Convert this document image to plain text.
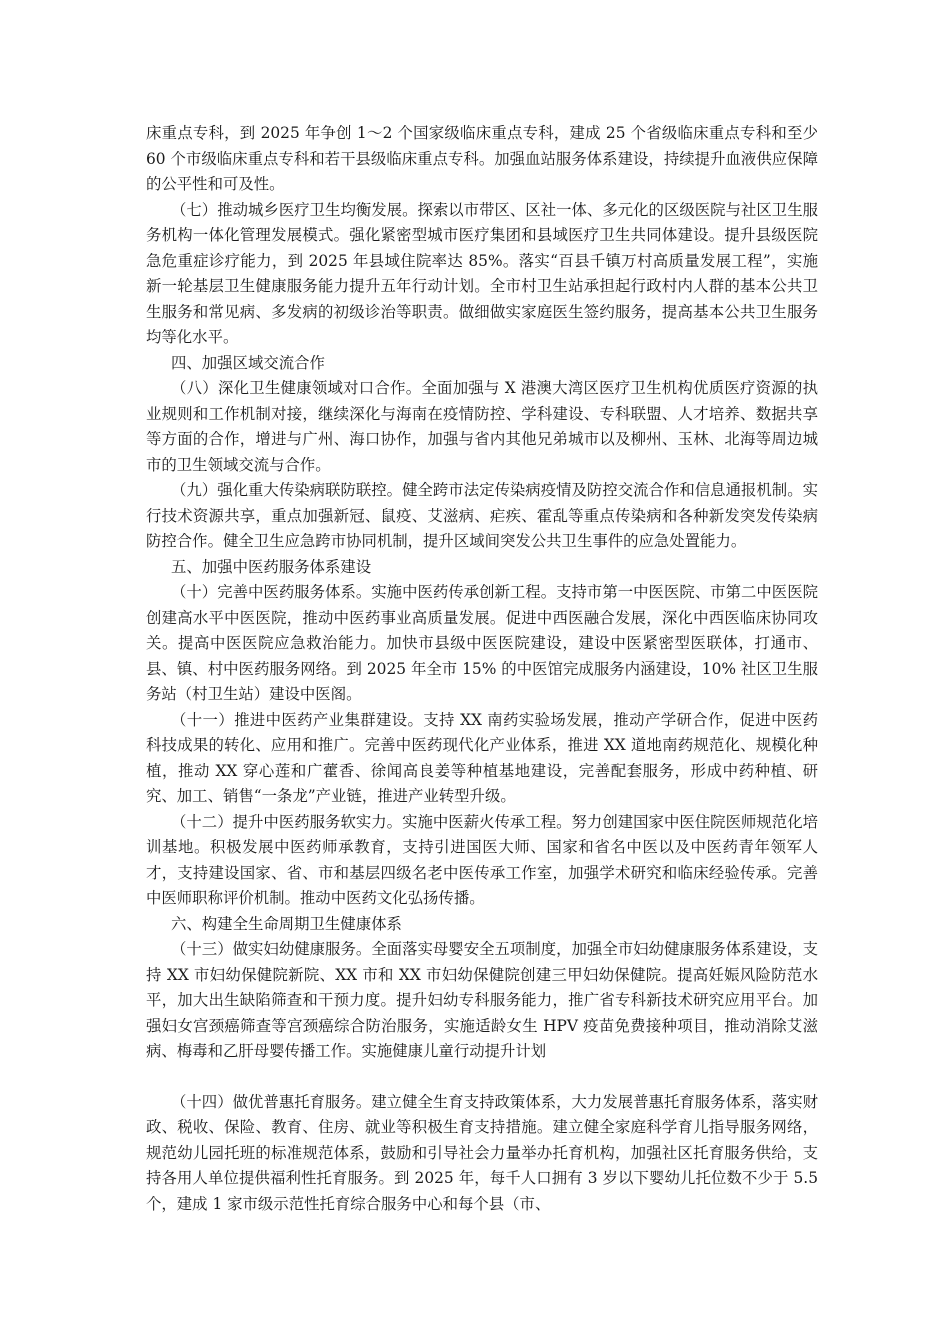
床重点专科，到 2025 年争创 1～2 个国家级临床重点专科，建成 25 个省级临床重点专科和至少 60 个市级临床重点专科和若干县级临床重点专科。加强血站服务体系建设，持续提升血液供应保障的公平性和可及性。

（七）推动城乡医疗卫生均衡发展。探索以市带区、区社一体、多元化的区级医院与社区卫生服务机构一体化管理发展模式。强化紧密型城市医疗集团和县域医疗卫生共同体建设。提升县级医院急危重症诊疗能力，到 2025 年县域住院率达 85%。落实“百县千镇万村高质量发展工程”，实施新一轮基层卫生健康服务能力提升五年行动计划。全市村卫生站承担起行政村内人群的基本公共卫生服务和常见病、多发病的初级诊治等职责。做细做实家庭医生签约服务，提高基本公共卫生服务均等化水平。

四、加强区域交流合作

（八）深化卫生健康领域对口合作。全面加强与 X 港澳大湾区医疗卫生机构优质医疗资源的执业规则和工作机制对接，继续深化与海南在疫情防控、学科建设、专科联盟、人才培养、数据共享等方面的合作，增进与广州、海口协作，加强与省内其他兄弟城市以及柳州、玉林、北海等周边城市的卫生领域交流与合作。

（九）强化重大传染病联防联控。健全跨市法定传染病疫情及防控交流合作和信息通报机制。实行技术资源共享，重点加强新冠、鼠疫、艾滋病、疟疾、霍乱等重点传染病和各种新发突发传染病防控合作。健全卫生应急跨市协同机制，提升区域间突发公共卫生事件的应急处置能力。

五、加强中医药服务体系建设

（十）完善中医药服务体系。实施中医药传承创新工程。支持市第一中医医院、市第二中医医院创建高水平中医医院，推动中医药事业高质量发展。促进中西医融合发展，深化中西医临床协同攻关。提高中医医院应急救治能力。加快市县级中医医院建设，建设中医紧密型医联体，打通市、县、镇、村中医药服务网络。到 2025 年全市 15% 的中医馆完成服务内涵建设，10% 社区卫生服务站（村卫生站）建设中医阁。

（十一）推进中医药产业集群建设。支持 XX 南药实验场发展，推动产学研合作，促进中医药科技成果的转化、应用和推广。完善中医药现代化产业体系，推进 XX 道地南药规范化、规模化种植，推动 XX 穿心莲和广藿香、徐闻高良姜等种植基地建设，完善配套服务，形成中药种植、研究、加工、销售“一条龙”产业链，推进产业转型升级。

（十二）提升中医药服务软实力。实施中医薪火传承工程。努力创建国家中医住院医师规范化培训基地。积极发展中医药师承教育，支持引进国医大师、国家和省名中医以及中医药青年领军人才，支持建设国家、省、市和基层四级名老中医传承工作室，加强学术研究和临床经验传承。完善中医师职称评价机制。推动中医药文化弘扬传播。

六、构建全生命周期卫生健康体系

（十三）做实妇幼健康服务。全面落实母婴安全五项制度，加强全市妇幼健康服务体系建设，支持 XX 市妇幼保健院新院、XX 市和 XX 市妇幼保健院创建三甲妇幼保健院。提高妊娠风险防范水平，加大出生缺陷筛查和干预力度。提升妇幼专科服务能力，推广省专科新技术研究应用平台。加强妇女宫颈癌筛查等宫颈癌综合防治服务，实施适龄女生 HPV 疫苗免费接种项目，推动消除艾滋病、梅毒和乙肝母婴传播工作。实施健康儿童行动提升计划

（十四）做优普惠托育服务。建立健全生育支持政策体系，大力发展普惠托育服务体系，落实财政、税收、保险、教育、住房、就业等积极生育支持措施。建立健全家庭科学育儿指导服务网络，规范幼儿园托班的标准规范体系，鼓励和引导社会力量举办托育机构，加强社区托育服务供给，支持各用人单位提供福利性托育服务。到 2025 年，每千人口拥有 3 岁以下婴幼儿托位数不少于 5.5 个，建成 1 家市级示范性托育综合服务中心和每个县（市、
